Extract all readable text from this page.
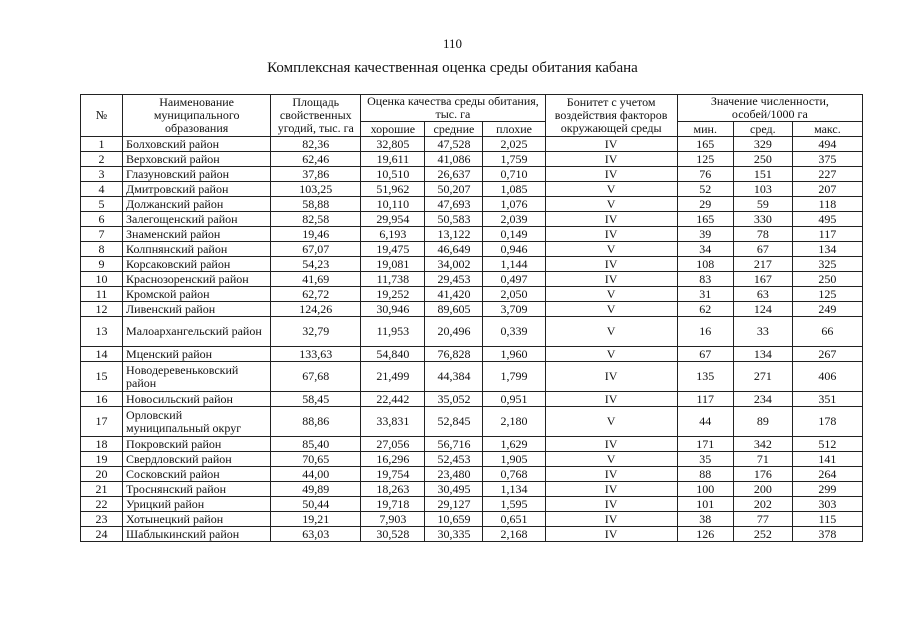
110
Комплексная качественная оценка среды обитания кабана
№	Наименование муниципального образования	Площадь свойственных угодий, тыс. га	Оценка качества среды обитания, тыс. га			Бонитет с учетом воздействия факторов окружающей среды	Значение численности, особей/1000 га		
			хорошие	средние	плохие		мин.	сред.	макс.
1	Болховский район	82,36	32,805	47,528	2,025	IV	165	329	494
2	Верховский район	62,46	19,611	41,086	1,759	IV	125	250	375
3	Глазуновский район	37,86	10,510	26,637	0,710	IV	76	151	227
4	Дмитровский район	103,25	51,962	50,207	1,085	V	52	103	207
5	Должанский район	58,88	10,110	47,693	1,076	V	29	59	118
6	Залегощенский район	82,58	29,954	50,583	2,039	IV	165	330	495
7	Знаменский район	19,46	6,193	13,122	0,149	IV	39	78	117
8	Колпнянский район	67,07	19,475	46,649	0,946	V	34	67	134
9	Корсаковский район	54,23	19,081	34,002	1,144	IV	108	217	325
10	Краснозоренский район	41,69	11,738	29,453	0,497	IV	83	167	250
11	Кромской район	62,72	19,252	41,420	2,050	V	31	63	125
12	Ливенский район	124,26	30,946	89,605	3,709	V	62	124	249
13	Малоархангельский район	32,79	11,953	20,496	0,339	V	16	33	66
14	Мценский район	133,63	54,840	76,828	1,960	V	67	134	267
15	Новодеревеньковский район	67,68	21,499	44,384	1,799	IV	135	271	406
16	Новосильский район	58,45	22,442	35,052	0,951	IV	117	234	351
17	Орловский муниципальный округ	88,86	33,831	52,845	2,180	V	44	89	178
18	Покровский район	85,40	27,056	56,716	1,629	IV	171	342	512
19	Свердловский район	70,65	16,296	52,453	1,905	V	35	71	141
20	Сосковский район	44,00	19,754	23,480	0,768	IV	88	176	264
21	Троснянский район	49,89	18,263	30,495	1,134	IV	100	200	299
22	Урицкий район	50,44	19,718	29,127	1,595	IV	101	202	303
23	Хотынецкий район	19,21	7,903	10,659	0,651	IV	38	77	115
24	Шаблыкинский район	63,03	30,528	30,335	2,168	IV	126	252	378
